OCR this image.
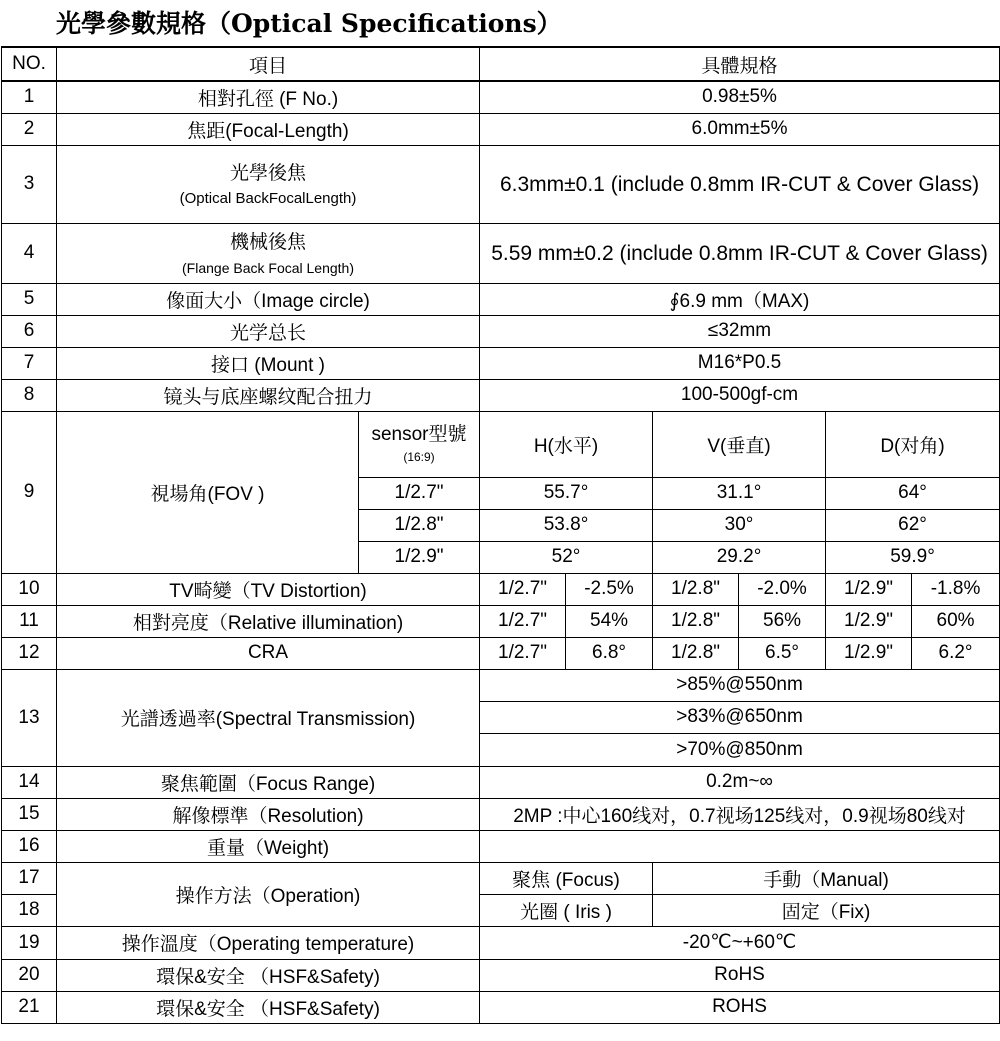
光學參數規格（Optical Specifications）
NO.	項目		具體規格					
1	相對孔徑 (F No.)		0.98±5%					
2	焦距(Focal-Length)		6.0mm±5%					
3	光學後焦
(Optical BackFocalLength)		6.3mm±0.1 (include 0.8mm IR-CUT & Cover Glass)					
4	機械後焦
(Flange Back Focal Length)		5.59 mm±0.2 (include 0.8mm IR-CUT & Cover Glass)					
5	像面大小（Image circle)		∮6.9 mm（MAX)					
6	光学总长		≤32mm					
7	接口 (Mount )		M16*P0.5					
8	镜头与底座螺纹配合扭力		100-500gf-cm					
9	視場角(FOV )	sensor型號
(16:9)	H(水平)		V(垂直)		D(对角)	
		1/2.7"	55.7°		31.1°		64°	
		1/2.8"	53.8°		30°		62°	
		1/2.9"	52°		29.2°		59.9°	
10	TV畸變（TV Distortion)		1/2.7"	-2.5%	1/2.8"	-2.0%	1/2.9"	-1.8%
11	相對亮度（Relative illumination)		1/2.7"	54%	1/2.8"	56%	1/2.9"	60%
12	CRA		1/2.7"	6.8°	1/2.8"	6.5°	1/2.9"	6.2°
13	光譜透過率(Spectral Transmission)		>85%@550nm					
			>83%@650nm					
			>70%@850nm					
14	聚焦範圍（Focus Range)		0.2m~∞					
15	解像標準（Resolution)		2MP :中心160线对，0.7视场125线对，0.9视场80线对					
16	重量（Weight)							
17	操作方法（Operation)		聚焦 (Focus)		手動（Manual)			
18			光圈 ( Iris )		固定（Fix)			
19	操作溫度（Operating temperature)		-20℃~+60℃					
20	環保&安全 （HSF&Safety)		RoHS					
21	環保&安全 （HSF&Safety)		ROHS					
